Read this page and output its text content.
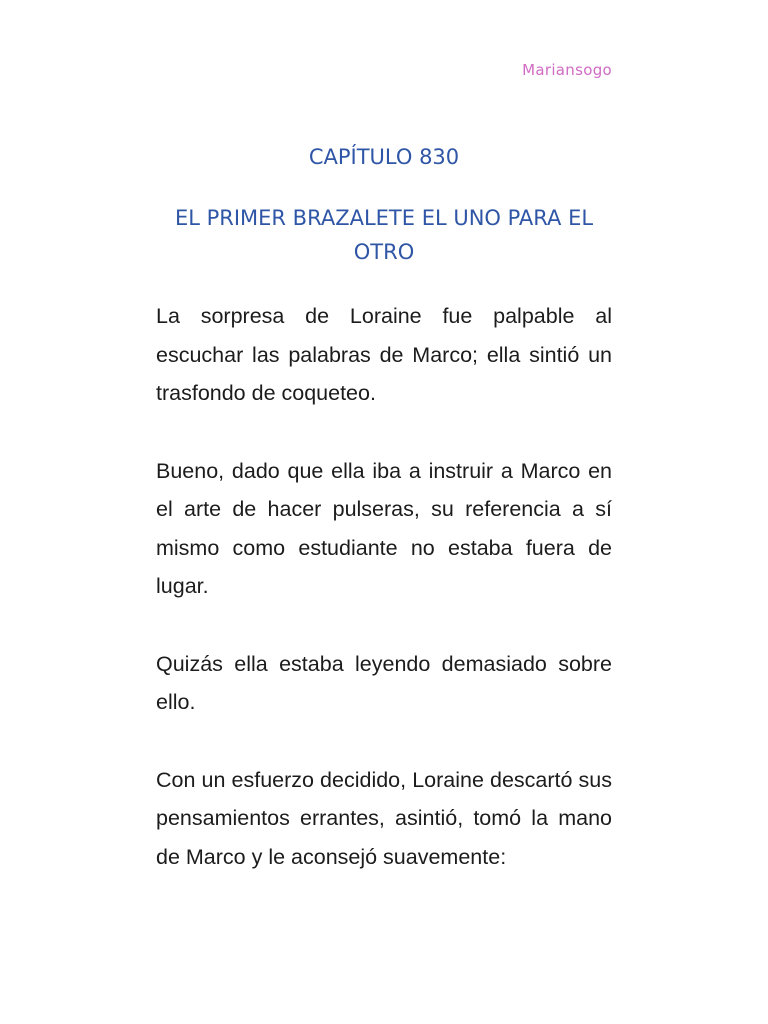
Mariansogo
CAPÍTULO 830
EL PRIMER BRAZALETE EL UNO PARA EL OTRO

La sorpresa de Loraine fue palpable al escuchar las palabras de Marco; ella sintió un trasfondo de coqueteo.

Bueno, dado que ella iba a instruir a Marco en el arte de hacer pulseras, su referencia a sí mismo como estudiante no estaba fuera de lugar.

Quizás ella estaba leyendo demasiado sobre ello.

Con un esfuerzo decidido, Loraine descartó sus pensamientos errantes, asintió, tomó la mano de Marco y le aconsejó suavemente:
